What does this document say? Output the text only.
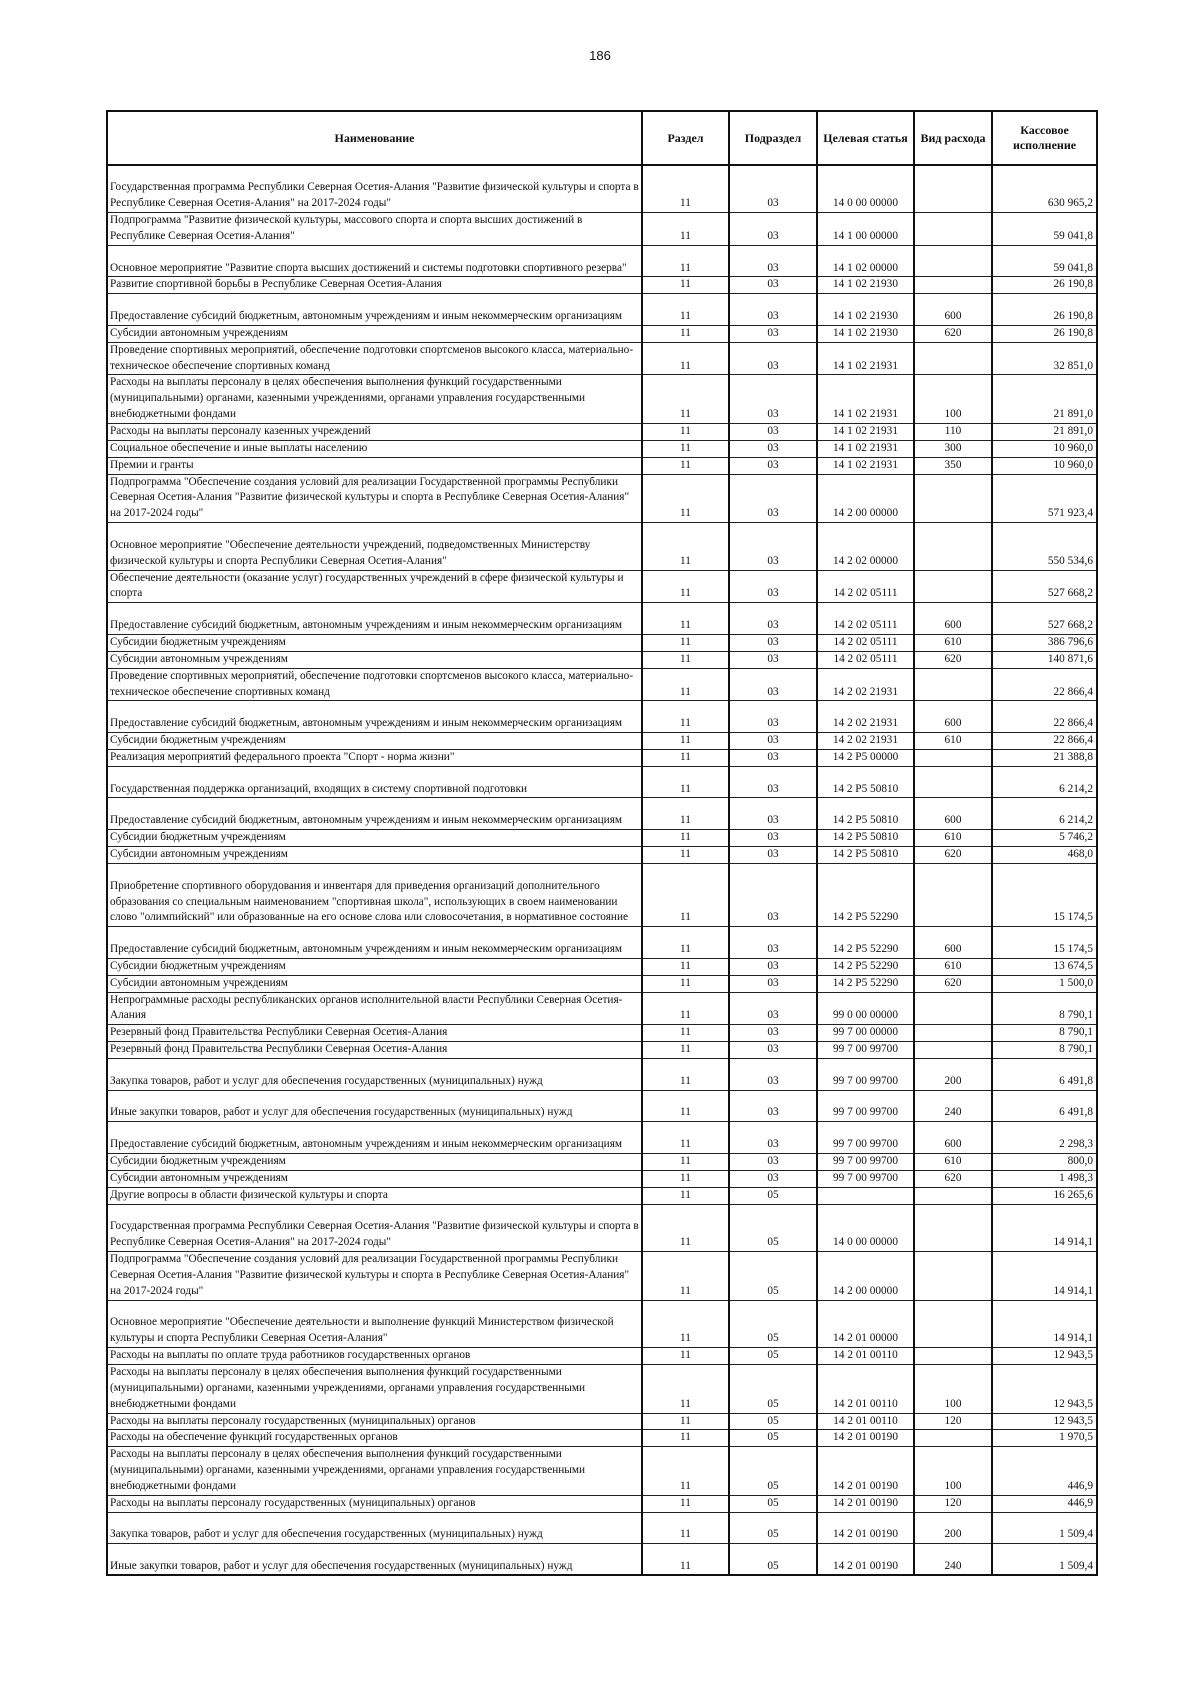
186
Наименование	Раздел	Подраздел	Целевая статья	Вид расхода	Кассовое исполнение
Государственная программа Республики Северная Осетия-Алания "Развитие физической культуры и спорта в Республике Северная Осетия-Алания" на 2017-2024 годы"	11	03	14 0 00 00000		630 965,2
Подпрограмма "Развитие физической культуры, массового спорта и спорта высших достижений в Республике Северная Осетия-Алания"	11	03	14 1 00 00000		59 041,8
Основное мероприятие "Развитие спорта высших достижений и системы подготовки спортивного резерва"	11	03	14 1 02 00000		59 041,8
Развитие спортивной борьбы в Республике Северная Осетия-Алания	11	03	14 1 02 21930		26 190,8
Предоставление субсидий бюджетным, автономным учреждениям и иным некоммерческим организациям	11	03	14 1 02 21930	600	26 190,8
Субсидии автономным учреждениям	11	03	14 1 02 21930	620	26 190,8
Проведение спортивных мероприятий, обеспечение подготовки спортсменов высокого класса, материально-техническое обеспечение спортивных команд	11	03	14 1 02 21931		32 851,0
Расходы на выплаты персоналу в целях обеспечения выполнения функций государственными (муниципальными) органами, казенными учреждениями, органами управления государственными внебюджетными фондами	11	03	14 1 02 21931	100	21 891,0
Расходы на выплаты персоналу казенных учреждений	11	03	14 1 02 21931	110	21 891,0
Социальное обеспечение и иные выплаты населению	11	03	14 1 02 21931	300	10 960,0
Премии и гранты	11	03	14 1 02 21931	350	10 960,0
Подпрограмма "Обеспечение создания условий для реализации Государственной программы Республики Северная Осетия-Алания "Развитие физической культуры и спорта в Республике Северная Осетия-Алания" на 2017-2024 годы"	11	03	14 2 00 00000		571 923,4
Основное мероприятие "Обеспечение деятельности учреждений, подведомственных Министерству физической культуры и спорта Республики Северная Осетия-Алания"	11	03	14 2 02 00000		550 534,6
Обеспечение деятельности (оказание услуг) государственных учреждений в сфере физической культуры и спорта	11	03	14 2 02 05111		527 668,2
Предоставление субсидий бюджетным, автономным учреждениям и иным некоммерческим организациям	11	03	14 2 02 05111	600	527 668,2
Субсидии бюджетным учреждениям	11	03	14 2 02 05111	610	386 796,6
Субсидии автономным учреждениям	11	03	14 2 02 05111	620	140 871,6
Проведение спортивных мероприятий, обеспечение подготовки спортсменов высокого класса, материально-техническое обеспечение спортивных команд	11	03	14 2 02 21931		22 866,4
Предоставление субсидий бюджетным, автономным учреждениям и иным некоммерческим организациям	11	03	14 2 02 21931	600	22 866,4
Субсидии бюджетным учреждениям	11	03	14 2 02 21931	610	22 866,4
Реализация мероприятий федерального проекта "Спорт - норма жизни"	11	03	14 2 P5 00000		21 388,8
Государственная поддержка организаций, входящих в систему спортивной подготовки	11	03	14 2 P5 50810		6 214,2
Предоставление субсидий бюджетным, автономным учреждениям и иным некоммерческим организациям	11	03	14 2 P5 50810	600	6 214,2
Субсидии бюджетным учреждениям	11	03	14 2 P5 50810	610	5 746,2
Субсидии автономным учреждениям	11	03	14 2 P5 50810	620	468,0
Приобретение спортивного оборудования и инвентаря для приведения организаций дополнительного образования со специальным наименованием "спортивная школа", использующих в своем наименовании слово "олимпийский" или образованные на его основе слова или словосочетания, в нормативное состояние	11	03	14 2 P5 52290		15 174,5
Предоставление субсидий бюджетным, автономным учреждениям и иным некоммерческим организациям	11	03	14 2 P5 52290	600	15 174,5
Субсидии бюджетным учреждениям	11	03	14 2 P5 52290	610	13 674,5
Субсидии автономным учреждениям	11	03	14 2 P5 52290	620	1 500,0
Непрограммные расходы республиканских органов исполнительной власти Республики Северная Осетия-Алания	11	03	99 0 00 00000		8 790,1
Резервный фонд Правительства Республики Северная Осетия-Алания	11	03	99 7 00 00000		8 790,1
Резервный фонд Правительства Республики Северная Осетия-Алания	11	03	99 7 00 99700		8 790,1
Закупка товаров, работ и услуг для обеспечения государственных (муниципальных) нужд	11	03	99 7 00 99700	200	6 491,8
Иные закупки товаров, работ и услуг для обеспечения государственных (муниципальных) нужд	11	03	99 7 00 99700	240	6 491,8
Предоставление субсидий бюджетным, автономным учреждениям и иным некоммерческим организациям	11	03	99 7 00 99700	600	2 298,3
Субсидии бюджетным учреждениям	11	03	99 7 00 99700	610	800,0
Субсидии автономным учреждениям	11	03	99 7 00 99700	620	1 498,3
Другие вопросы в области физической культуры и спорта	11	05			16 265,6
Государственная программа Республики Северная Осетия-Алания "Развитие физической культуры и спорта в Республике Северная Осетия-Алания" на 2017-2024 годы"	11	05	14 0 00 00000		14 914,1
Подпрограмма "Обеспечение создания условий для реализации Государственной программы Республики Северная Осетия-Алания "Развитие физической культуры и спорта в Республике Северная Осетия-Алания" на 2017-2024 годы"	11	05	14 2 00 00000		14 914,1
Основное мероприятие "Обеспечение деятельности и выполнение функций Министерством физической культуры и спорта Республики Северная Осетия-Алания"	11	05	14 2 01 00000		14 914,1
Расходы на выплаты по оплате труда работников государственных органов	11	05	14 2 01 00110		12 943,5
Расходы на выплаты персоналу в целях обеспечения выполнения функций государственными (муниципальными) органами, казенными учреждениями, органами управления государственными внебюджетными фондами	11	05	14 2 01 00110	100	12 943,5
Расходы на выплаты персоналу государственных (муниципальных) органов	11	05	14 2 01 00110	120	12 943,5
Расходы на обеспечение функций государственных органов	11	05	14 2 01 00190		1 970,5
Расходы на выплаты персоналу в целях обеспечения выполнения функций государственными (муниципальными) органами, казенными учреждениями, органами управления государственными внебюджетными фондами	11	05	14 2 01 00190	100	446,9
Расходы на выплаты персоналу государственных (муниципальных) органов	11	05	14 2 01 00190	120	446,9
Закупка товаров, работ и услуг для обеспечения государственных (муниципальных) нужд	11	05	14 2 01 00190	200	1 509,4
Иные закупки товаров, работ и услуг для обеспечения государственных (муниципальных) нужд	11	05	14 2 01 00190	240	1 509,4
